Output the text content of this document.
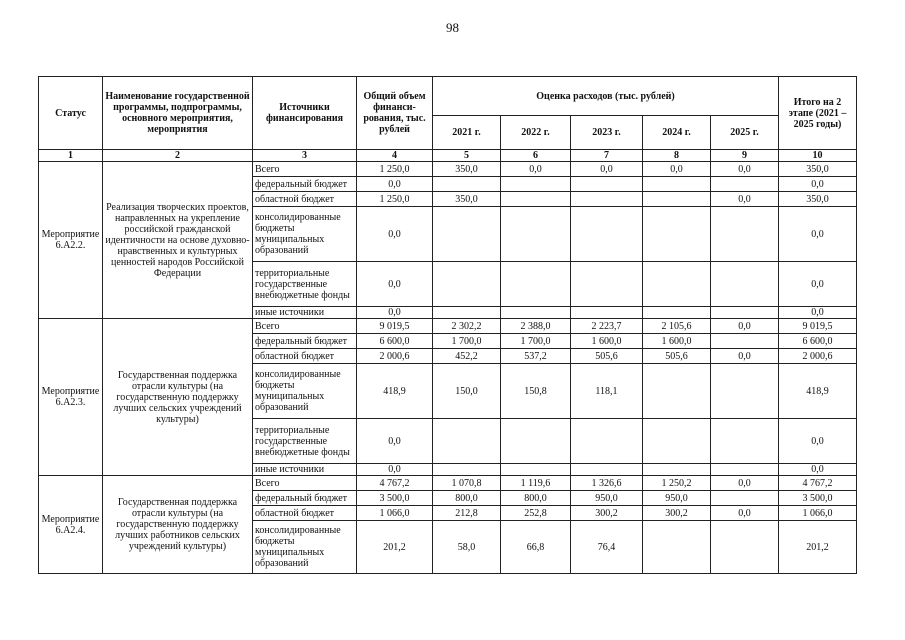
98
Статус	Наименование государственной программы, подпрограммы, основного мероприятия, мероприятия	Источники финансирования	Общий объем финанси-рования, тыс. рублей	Оценка расходов (тыс. рублей)					Итого на 2 этапе (2021 – 2025 годы)
				2021 г.	2022 г.	2023 г.	2024 г.	2025 г.	
1	2	3	4	5	6	7	8	9	10
Мероприятие 6.А2.2.	Реализация творческих проектов, направленных на укрепление российской гражданской идентичности на основе духовно-нравственных и культурных ценностей народов Российской Федерации	Всего	1 250,0	350,0	0,0	0,0	0,0	0,0	350,0
		федеральный бюджет	0,0						0,0
		областной бюджет	1 250,0	350,0				0,0	350,0
		консолидированные бюджеты муниципальных образований	0,0						0,0
		территориальные государственные внебюджетные фонды	0,0						0,0
		иные источники	0,0						0,0
Мероприятие 6.А2.3.	Государственная поддержка отрасли культуры (на государственную поддержку лучших сельских учреждений культуры)	Всего	9 019,5	2 302,2	2 388,0	2 223,7	2 105,6	0,0	9 019,5
		федеральный бюджет	6 600,0	1 700,0	1 700,0	1 600,0	1 600,0		6 600,0
		областной бюджет	2 000,6	452,2	537,2	505,6	505,6	0,0	2 000,6
		консолидированные бюджеты муниципальных образований	418,9	150,0	150,8	118,1			418,9
		территориальные государственные внебюджетные фонды	0,0						0,0
		иные источники	0,0						0,0
Мероприятие 6.А2.4.	Государственная поддержка отрасли культуры (на государственную поддержку лучших работников сельских учреждений культуры)	Всего	4 767,2	1 070,8	1 119,6	1 326,6	1 250,2	0,0	4 767,2
		федеральный бюджет	3 500,0	800,0	800,0	950,0	950,0		3 500,0
		областной бюджет	1 066,0	212,8	252,8	300,2	300,2	0,0	1 066,0
		консолидированные бюджеты муниципальных образований	201,2	58,0	66,8	76,4			201,2
